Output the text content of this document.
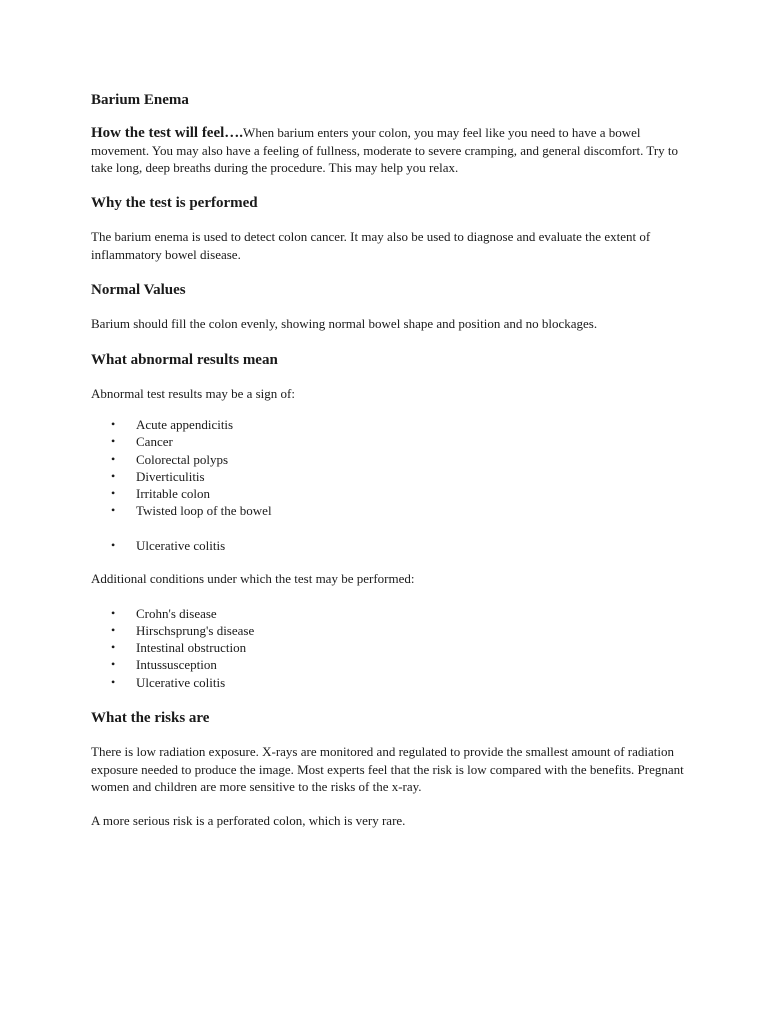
Barium Enema

How the test will feel….When barium enters your colon, you may feel like you need to have a bowel movement. You may also have a feeling of fullness, moderate to severe cramping, and general discomfort. Try to take long, deep breaths during the procedure. This may help you relax.

Why the test is performed

The barium enema is used to detect colon cancer. It may also be used to diagnose and evaluate the extent of inflammatory bowel disease.

Normal Values

Barium should fill the colon evenly, showing normal bowel shape and position and no blockages.

What abnormal results mean

Abnormal test results may be a sign of:

• Acute appendicitis
• Cancer
• Colorectal polyps
• Diverticulitis
• Irritable colon
• Twisted loop of the bowel
• Ulcerative colitis

Additional conditions under which the test may be performed:

• Crohn's disease
• Hirschsprung's disease
• Intestinal obstruction
• Intussusception
• Ulcerative colitis
What the risks are

There is low radiation exposure. X-rays are monitored and regulated to provide the smallest amount of radiation exposure needed to produce the image. Most experts feel that the risk is low compared with the benefits. Pregnant women and children are more sensitive to the risks of the x-ray.

A more serious risk is a perforated colon, which is very rare.
